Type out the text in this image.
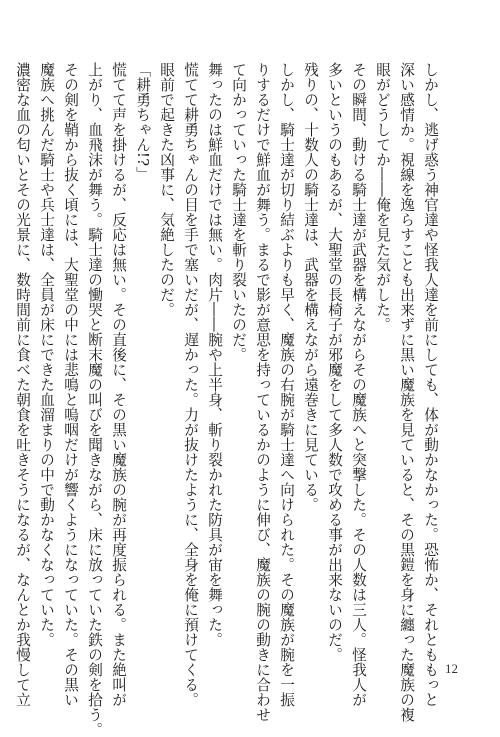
しかし、逃げ惑う神官達や怪我人達を前にしても、体が動かなかった。恐怖か、それとももっと
深い感情か。視線を逸らすことも出来ずに黒い魔族を見ていると、その黒鎧を身に纏った魔族の複
眼がどうしてか――俺を見た気がした。
その瞬間、動ける騎士達が武器を構えながらその魔族へと突撃した。その人数は三人。怪我人が
多いというのもあるが、大聖堂の長椅子が邪魔をして多人数で攻める事が出来ないのだ。
残りの、十数人の騎士達は、武器を構えながら遠巻きに見ている。
しかし、騎士達が切り結ぶよりも早く、魔族の右腕が騎士達へ向けられた。その魔族が腕を一振
りするだけで鮮血が舞う。まるで影が意思を持っているかのように伸び、魔族の腕の動きに合わせ
て向かっていった騎士達を斬り裂いたのだ。
舞ったのは鮮血だけでは無い。肉片――腕や上半身、斬り裂かれた防具が宙を舞った。
慌てて耕勇ちゃんの目を手で塞いだが、遅かった。力が抜けたように、全身を俺に預けてくる。
眼前で起きた凶事に、気絶したのだ。
「耕勇ちゃん!?」
慌てて声を掛けるが、反応は無い。その直後に、その黒い魔族の腕が再度振られる。また絶叫が
上がり、血飛沫が舞う。騎士達の慟哭と断末魔の叫びを聞きながら、床に放っていた鉄の剣を拾う。
その剣を鞘から抜く頃には、大聖堂の中には悲鳴と嗚咽だけが響くようになっていた。その黒い
魔族へ挑んだ騎士や兵士達は、全員が床にできた血溜まりの中で動かなくなっていた。
濃密な血の匂いとその光景に、数時間前に食べた朝食を吐きそうになるが、なんとか我慢して立	12
